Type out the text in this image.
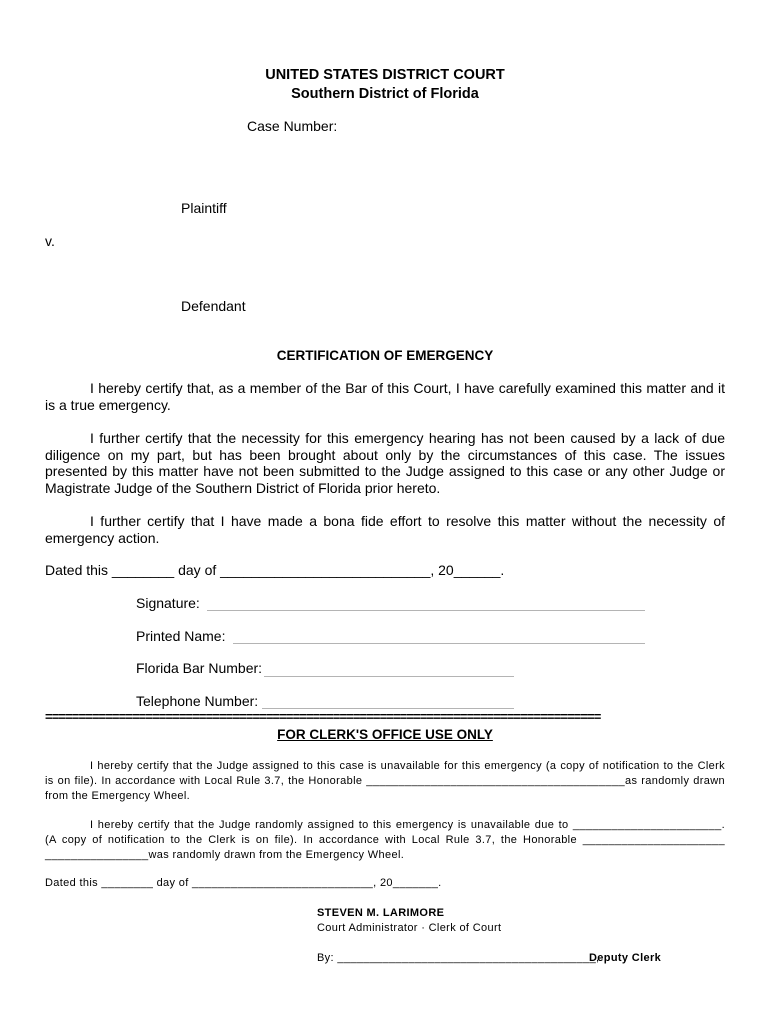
UNITED STATES DISTRICT COURT
Southern District of Florida
Case Number:
Plaintiff
v.
Defendant
CERTIFICATION OF EMERGENCY
I hereby certify that, as a member of the Bar of this Court, I have carefully examined this matter and it is a true emergency.
I further certify that the necessity for this emergency hearing has not been caused by a lack of due diligence on my part, but has been brought about only by the circumstances of this case. The issues presented by this matter have not been submitted to the Judge assigned to this case or any other Judge or Magistrate Judge of the Southern District of Florida prior hereto.
I further certify that I have made a bona fide effort to resolve this matter without the necessity of emergency action.
Dated this ________ day of ___________________________, 20______.
Signature:
Printed Name:
Florida Bar Number:
Telephone Number:
===================================================================================
FOR CLERK'S OFFICE USE ONLY
I hereby certify that the Judge assigned to this case is unavailable for this emergency (a copy of notification to the Clerk is on file). In accordance with Local Rule 3.7, the Honorable ________________________________________as randomly drawn from the Emergency Wheel.
I hereby certify that the Judge randomly assigned to this emergency is unavailable due to _______________________. (A copy of notification to the Clerk is on file). In accordance with Local Rule 3.7, the Honorable ______________________ ________________was randomly drawn from the Emergency Wheel.
Dated this ________ day of ____________________________, 20_______.
STEVEN M. LARIMORE
Court Administrator · Clerk of Court
By: ________________________________________,
Deputy Clerk
